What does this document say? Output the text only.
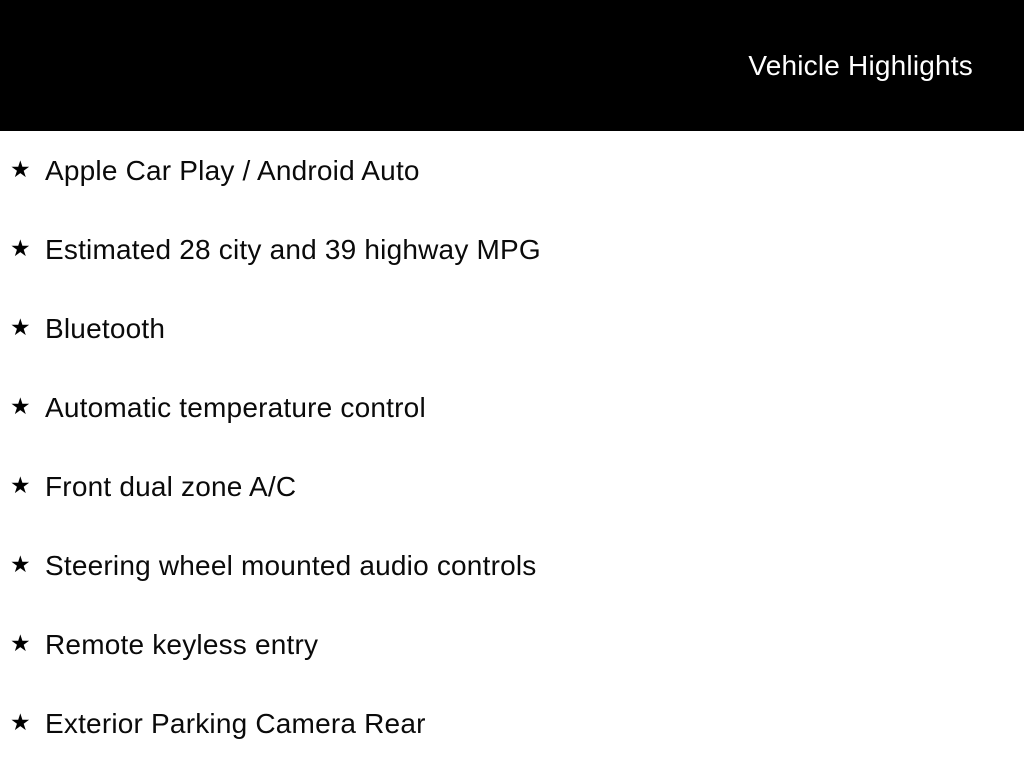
Vehicle Highlights
★ Apple Car Play / Android Auto
★ Estimated 28 city and 39 highway MPG
★ Bluetooth
★ Automatic temperature control
★ Front dual zone A/C
★ Steering wheel mounted audio controls
★ Remote keyless entry
★ Exterior Parking Camera Rear
